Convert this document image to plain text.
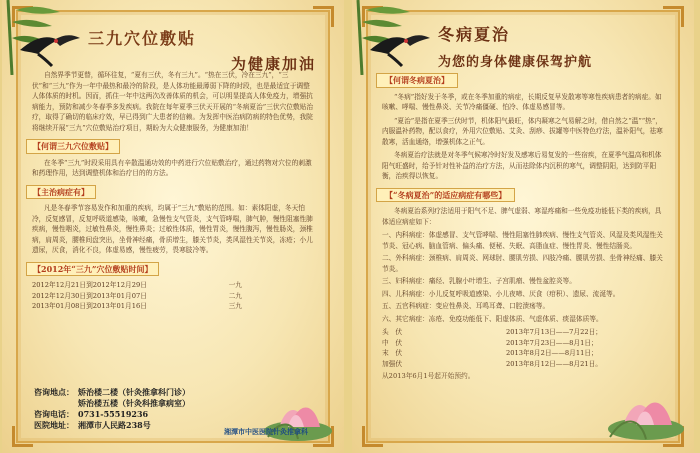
三九穴位敷贴
为健康加油

自然界季节更替，循环往复，“夏有三伏，冬有三九”。“热在三伏，冷在三九”，“三伏”和“三九”作为一年中最热和最冷的阶段，是人体功能最薄弱下降的时段，也是最适宜于调整人体体质的时机。因而，抓住一年中这两次改善体质的机会，可以明显提高人体免疫力，增强抗病能力，预防和减少冬春季多发疾病。我院在每年夏季三伏天开展的“冬病夏治”三伏穴位敷贴治疗，取得了确切的临床疗效，早已得到广大患者的信赖。为发挥中医治病防病的特色优势，我院将继续开展“三九”穴位敷贴治疗项目，期盼为大众健康服务，为健康加油！

【何谓三九穴位敷贴】

在冬季“三九”时段采用具有辛散温通功效的中药进行穴位贴敷治疗，通过药物对穴位的刺激和药理作用，达到调整机体和治疗目的的方法。

【主治病症有】

凡是冬春季节容易发作和加重的疾病，均属于“三九”敷贴的范围。如：素体阳虚，冬天怕冷，反复感冒，反复呼吸道感染，咳嗽，急慢性支气管炎，支气管哮喘，肺气肿，慢性阻塞性肺疾病，慢性咽炎，过敏性鼻炎，慢性鼻炎；过敏性体质，慢性胃炎，慢性腹泻，慢性肠炎，颈椎病，肩周炎，腰椎间盘突出，坐骨神经痛，骨质增生，膝关节炎，类风湿性关节炎，冻疮；小儿遗尿，厌食，消化不良，体虚易感，慢性疲劳，畏寒肢冷等。

【2012年“三九”穴位敷贴时间】
2012年12月21日到2012年12月29日	一九
2012年12月30日到2013年01月07日	二九
2013年01月08日到2013年01月16日	三九
咨询地点： 矫治楼二楼（针灸推拿科门诊）
矫治楼五楼（针灸科推拿病室）
咨询电话： 0731-55519236
医院地址： 湘潭市人民路238号
湘潭市中医医院针灸推拿科
冬病夏治
为您的身体健康保驾护航
【何谓冬病夏治】

“冬病”指好发于冬季，或在冬季加重的病症，长期反复早发散寒等寒性疾病患者的病症。如咳嗽、哮喘、慢性鼻炎、关节冷痛僵硬、怕冷、体虚易感冒等。

“夏治”是指在夏季三伏时节，机体阳气最旺，体内凝寒之气易解之时，借自然之“温”“热”，内服温补药物，配以食疗，外用穴位敷贴、艾灸、刮痧、拔罐等中医特色疗法，温补阳气，祛寒散寒，活血通络，增强机体之正气。

冬病夏治疗法就是对冬季气候寒冷时好发及感寒后易复发的一些宿疾，在夏季气温高和机体阳气旺盛时，给予针对性补益的治疗方法，从而祛除体内沉积的寒气，调整阴阳，达到防平阳衡，治疾得以恢复。

【“冬病夏治”的适应病症有哪些】

冬病夏治系列疗法适用于阳气不足、脾气虚弱、寒湿疼痛和一些免疫功能低下类的疾病，具体适应病症如下：

一、内科病症：体虚感冒、支气管哮喘、慢性阻塞性肺疾病、慢性支气管炎、风湿及类风湿性关节炎、冠心病、脑血管病、偏头痛、便秘、失眠、高脂血症、慢性胃炎、慢性结肠炎。
二、外科病症：颈椎病、肩周炎、网球肘、腰肌劳损、四肢冷痛、腰肌劳损、坐骨神经痛、膝关节炎。
三、妇科病症：痛经、乳腺小叶增生、子宫肌瘤、慢性盆腔炎等。
四、儿科病症：小儿反复呼吸道感染、小儿夜啼、厌食（疳积）、遗尿、流涎等。
五、五官科病症：变应性鼻炎、耳鸣耳聋、口腔溃疡等。
六、其它病症：冻疮、免疫功能低下、阳虚体质、气虚体质、痰湿体质等。
头　伏	2013年7月13日——7月22日；
中　伏	2013年7月23日——8月1日；
末　伏	2013年8月2日——8月11日；
加强伏	2013年8月12日——8月21日。
从2013年6月1号起开始预约。
